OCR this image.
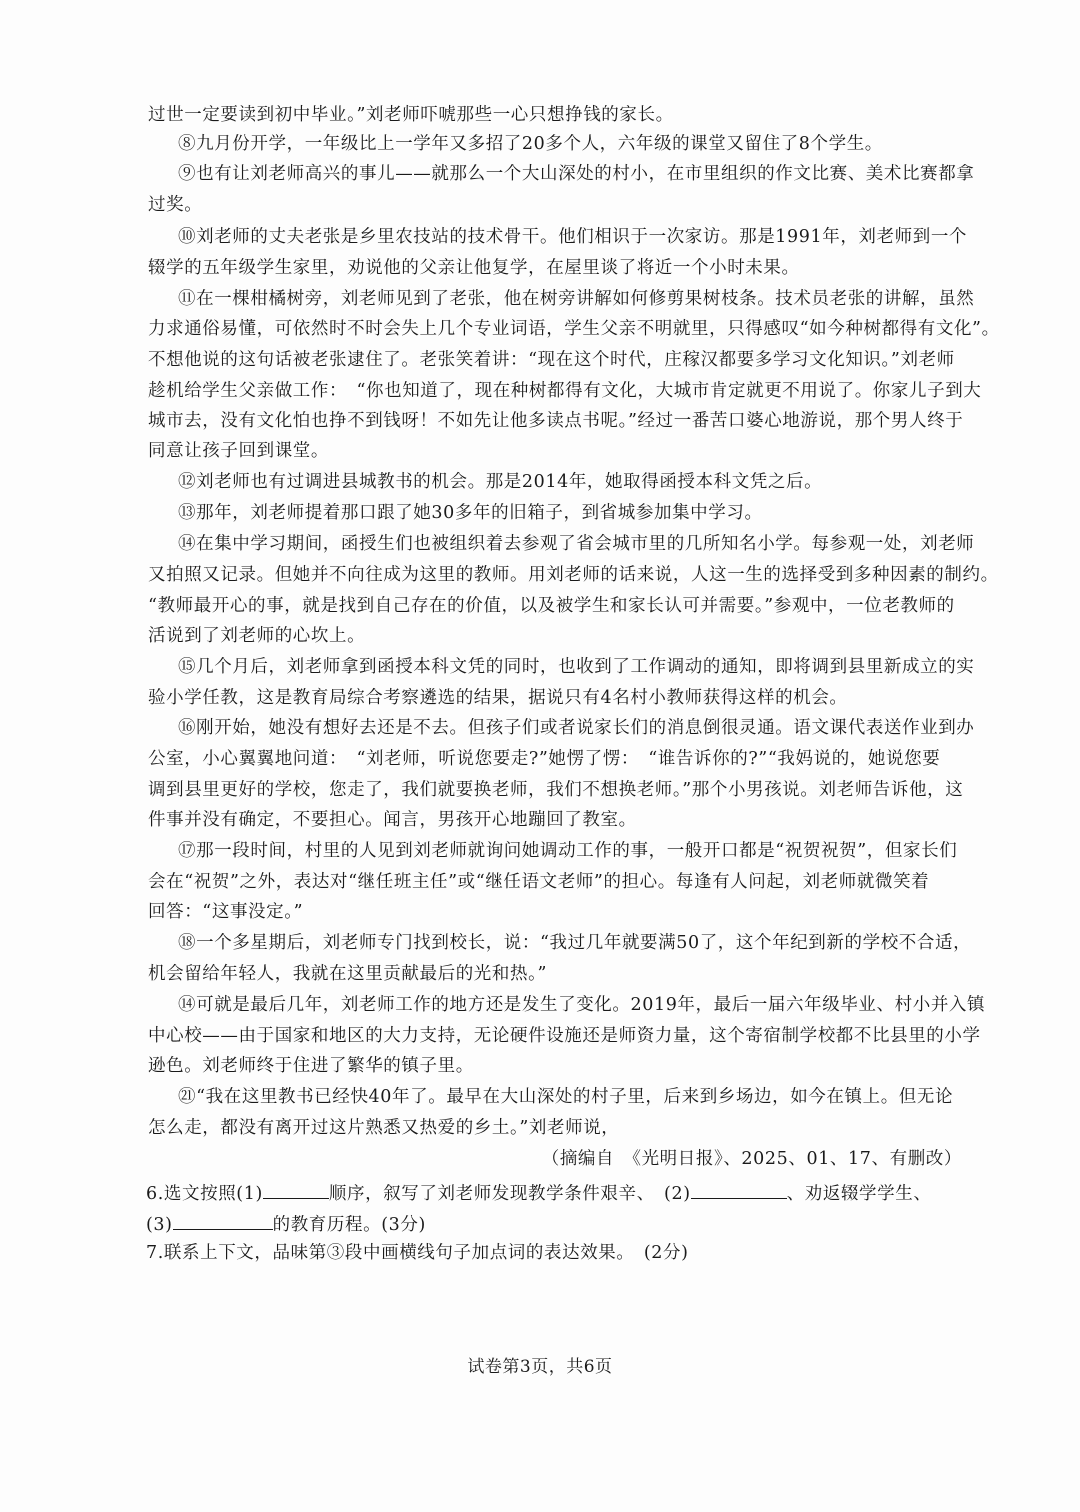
过世一定要读到初中毕业。”刘老师吓唬那些一心只想挣钱的家长。
⑧九月份开学，一年级比上一学年又多招了20多个人，六年级的课堂又留住了8个学生。
⑨也有让刘老师高兴的事儿——就那么一个大山深处的村小，在市里组织的作文比赛、美术比赛都拿
过奖。
⑩刘老师的丈夫老张是乡里农技站的技术骨干。他们相识于一次家访。那是1991年，刘老师到一个
辍学的五年级学生家里，劝说他的父亲让他复学，在屋里谈了将近一个小时未果。
⑪在一棵柑橘树旁，刘老师见到了老张，他在树旁讲解如何修剪果树枝条。技术员老张的讲解，虽然
力求通俗易懂，可依然时不时会失上几个专业词语，学生父亲不明就里，只得感叹“如今种树都得有文化”。
不想他说的这句话被老张逮住了。老张笑着讲：“现在这个时代，庄稼汉都要多学习文化知识。”刘老师
趁机给学生父亲做工作：　“你也知道了，现在种树都得有文化，大城市肯定就更不用说了。你家儿子到大
城市去，没有文化怕也挣不到钱呀！不如先让他多读点书呢。”经过一番苦口婆心地游说，那个男人终于
同意让孩子回到课堂。
⑫刘老师也有过调进县城教书的机会。那是2014年，她取得函授本科文凭之后。
⑬那年，刘老师提着那口跟了她30多年的旧箱子，到省城参加集中学习。
⑭在集中学习期间，函授生们也被组织着去参观了省会城市里的几所知名小学。每参观一处，刘老师
又拍照又记录。但她并不向往成为这里的教师。用刘老师的话来说，人这一生的选择受到多种因素的制约。
“教师最开心的事，就是找到自己存在的价值，以及被学生和家长认可并需要。”参观中，一位老教师的
活说到了刘老师的心坎上。
⑮几个月后，刘老师拿到函授本科文凭的同时，也收到了工作调动的通知，即将调到县里新成立的实
验小学任教，这是教育局综合考察遴选的结果，据说只有4名村小教师获得这样的机会。
⑯刚开始，她没有想好去还是不去。但孩子们或者说家长们的消息倒很灵通。语文课代表送作业到办
公室，小心翼翼地问道：　“刘老师，听说您要走?”她愣了愣：　“谁告诉你的?”“我妈说的，她说您要
调到县里更好的学校，您走了，我们就要换老师，我们不想换老师。”那个小男孩说。刘老师告诉他，这
件事并没有确定，不要担心。闻言，男孩开心地蹦回了教室。
⑰那一段时间，村里的人见到刘老师就询问她调动工作的事，一般开口都是“祝贺祝贺”，但家长们
会在“祝贺”之外，表达对“继任班主任”或“继任语文老师”的担心。每逢有人问起，刘老师就微笑着
回答：“这事没定。”
⑱一个多星期后，刘老师专门找到校长，说：“我过几年就要满50了，这个年纪到新的学校不合适，
机会留给年轻人，我就在这里贡献最后的光和热。”
⑭可就是最后几年，刘老师工作的地方还是发生了变化。2019年，最后一届六年级毕业、村小并入镇
中心校——由于国家和地区的大力支持，无论硬件设施还是师资力量，这个寄宿制学校都不比县里的小学
逊色。刘老师终于住进了繁华的镇子里。
㉑“我在这里教书已经快40年了。最早在大山深处的村子里，后来到乡场边，如今在镇上。但无论
怎么走，都没有离开过这片熟悉又热爱的乡土。”刘老师说，
（摘编自　《光明日报》、2025、01、17、有删改）
6.选文按照(1)	顺序，叙写了刘老师发现教学条件艰辛、　(2)	、劝返辍学学生、
(3)	的教育历程。(3分)
7.联系上下文，品味第③段中画横线句子加点词的表达效果。　(2分)
试卷第3页，共6页
